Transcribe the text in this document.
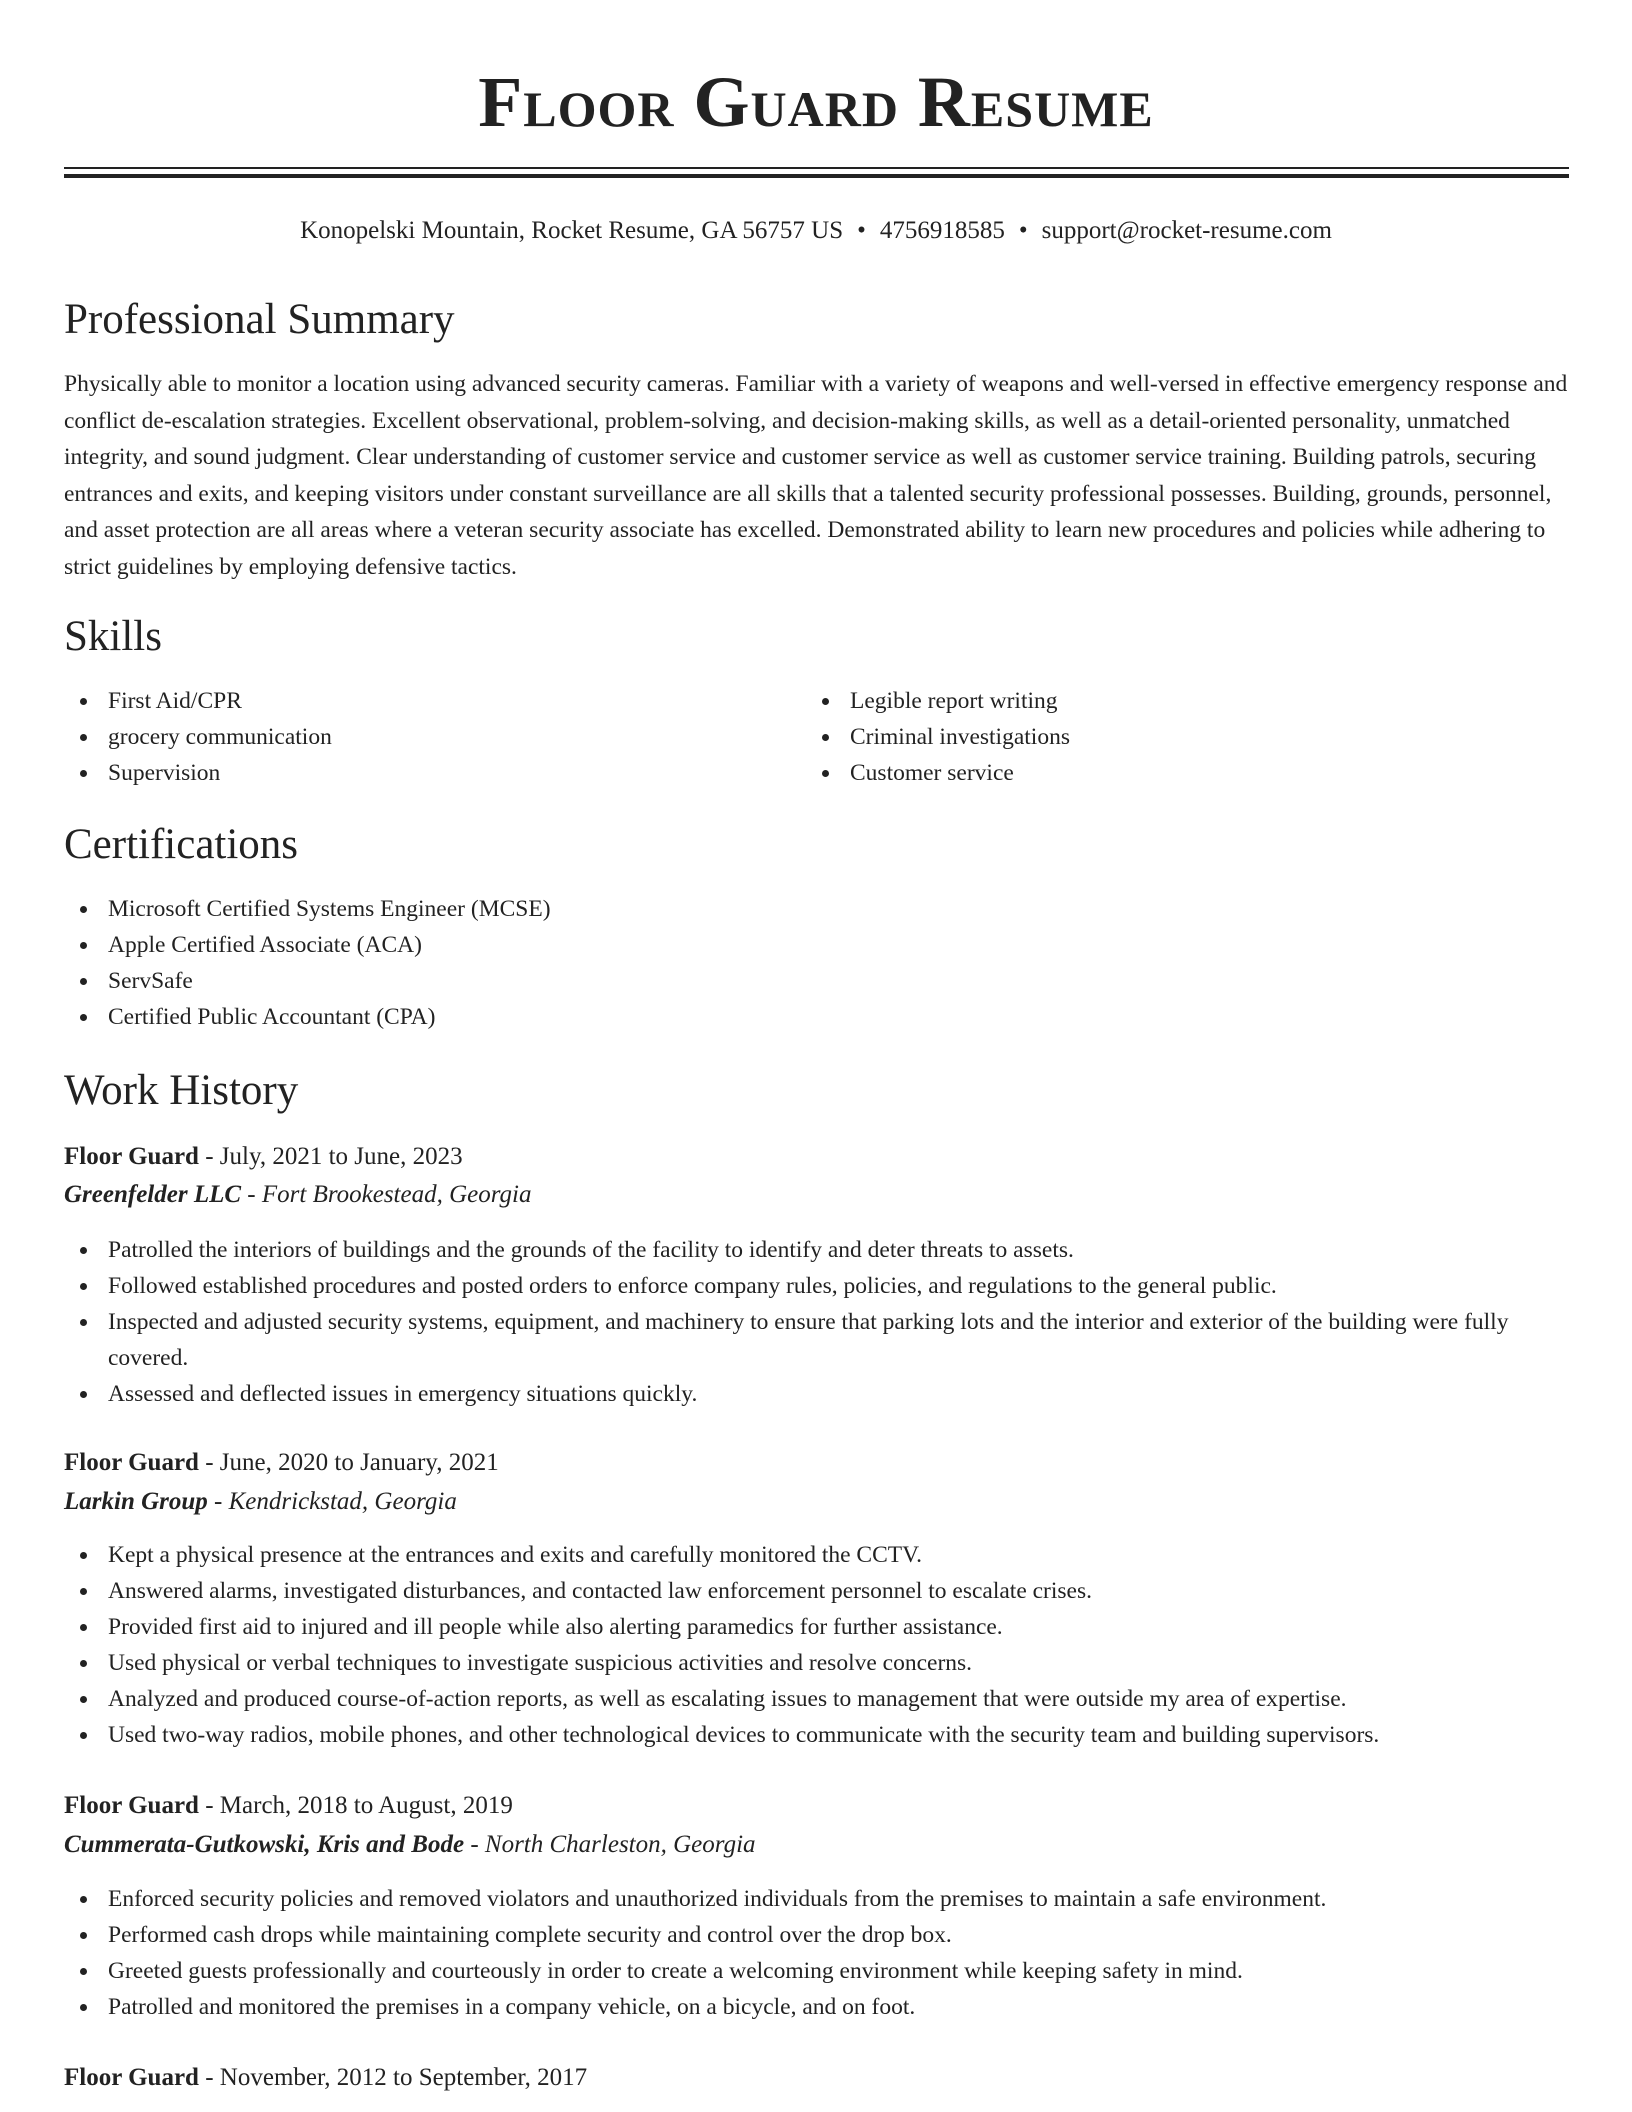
Floor Guard Resume
Konopelski Mountain, Rocket Resume, GA 56757 US • 4756918585 • support@rocket-resume.com
Professional Summary

Physically able to monitor a location using advanced security cameras. Familiar with a variety of weapons and well-versed in effective emergency response and conflict de-escalation strategies. Excellent observational, problem-solving, and decision-making skills, as well as a detail-oriented personality, unmatched integrity, and sound judgment. Clear understanding of customer service and customer service as well as customer service training. Building patrols, securing entrances and exits, and keeping visitors under constant surveillance are all skills that a talented security professional possesses. Building, grounds, personnel, and asset protection are all areas where a veteran security associate has excelled. Demonstrated ability to learn new procedures and policies while adhering to strict guidelines by employing defensive tactics.

Skills
First Aid/CPR
grocery communication
Supervision
Legible report writing
Criminal investigations
Customer service
Certifications
Microsoft Certified Systems Engineer (MCSE)
Apple Certified Associate (ACA)
ServSafe
Certified Public Accountant (CPA)
Work History
Floor Guard - July, 2021 to June, 2023
Greenfelder LLC - Fort Brookestead, Georgia
Patrolled the interiors of buildings and the grounds of the facility to identify and deter threats to assets.
Followed established procedures and posted orders to enforce company rules, policies, and regulations to the general public.
Inspected and adjusted security systems, equipment, and machinery to ensure that parking lots and the interior and exterior of the building were fully covered.
Assessed and deflected issues in emergency situations quickly.
Floor Guard - June, 2020 to January, 2021
Larkin Group - Kendrickstad, Georgia
Kept a physical presence at the entrances and exits and carefully monitored the CCTV.
Answered alarms, investigated disturbances, and contacted law enforcement personnel to escalate crises.
Provided first aid to injured and ill people while also alerting paramedics for further assistance.
Used physical or verbal techniques to investigate suspicious activities and resolve concerns.
Analyzed and produced course-of-action reports, as well as escalating issues to management that were outside my area of expertise.
Used two-way radios, mobile phones, and other technological devices to communicate with the security team and building supervisors.
Floor Guard - March, 2018 to August, 2019
Cummerata-Gutkowski, Kris and Bode - North Charleston, Georgia
Enforced security policies and removed violators and unauthorized individuals from the premises to maintain a safe environment.
Performed cash drops while maintaining complete security and control over the drop box.
Greeted guests professionally and courteously in order to create a welcoming environment while keeping safety in mind.
Patrolled and monitored the premises in a company vehicle, on a bicycle, and on foot.
Floor Guard - November, 2012 to September, 2017
